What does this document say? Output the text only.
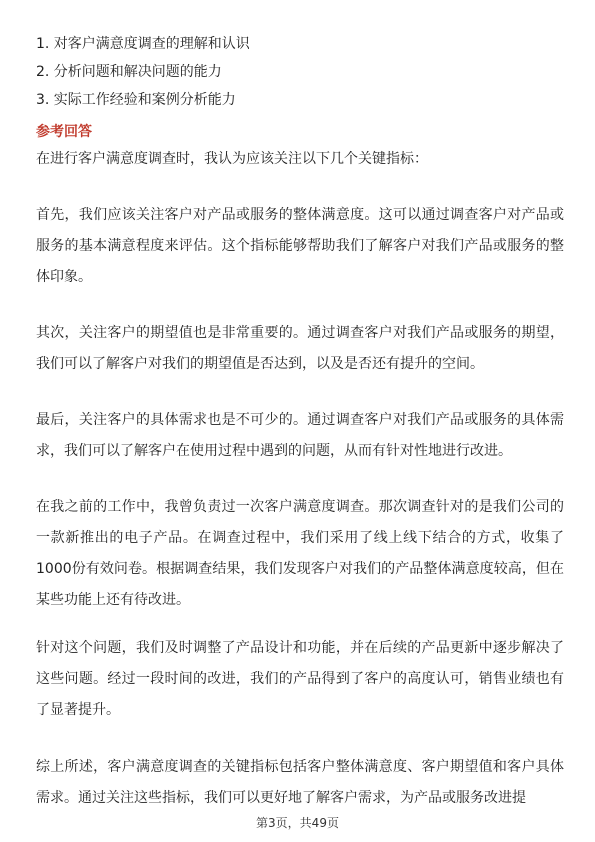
1. 对客户满意度调查的理解和认识
2. 分析问题和解决问题的能力
3. 实际工作经验和案例分析能力
参考回答

在进行客户满意度调查时，我认为应该关注以下几个关键指标：

首先，我们应该关注客户对产品或服务的整体满意度。这可以通过调查客户对产品或服务的基本满意程度来评估。这个指标能够帮助我们了解客户对我们产品或服务的整体印象。

其次，关注客户的期望值也是非常重要的。通过调查客户对我们产品或服务的期望，我们可以了解客户对我们的期望值是否达到，以及是否还有提升的空间。

最后，关注客户的具体需求也是不可少的。通过调查客户对我们产品或服务的具体需求，我们可以了解客户在使用过程中遇到的问题，从而有针对性地进行改进。

在我之前的工作中，我曾负责过一次客户满意度调查。那次调查针对的是我们公司的一款新推出的电子产品。在调查过程中，我们采用了线上线下结合的方式，收集了1000份有效问卷。根据调查结果，我们发现客户对我们的产品整体满意度较高，但在某些功能上还有待改进。

针对这个问题，我们及时调整了产品设计和功能，并在后续的产品更新中逐步解决了这些问题。经过一段时间的改进，我们的产品得到了客户的高度认可，销售业绩也有了显著提升。

综上所述，客户满意度调查的关键指标包括客户整体满意度、客户期望值和客户具体需求。通过关注这些指标，我们可以更好地了解客户需求，为产品或服务改进提

第3页，共49页
